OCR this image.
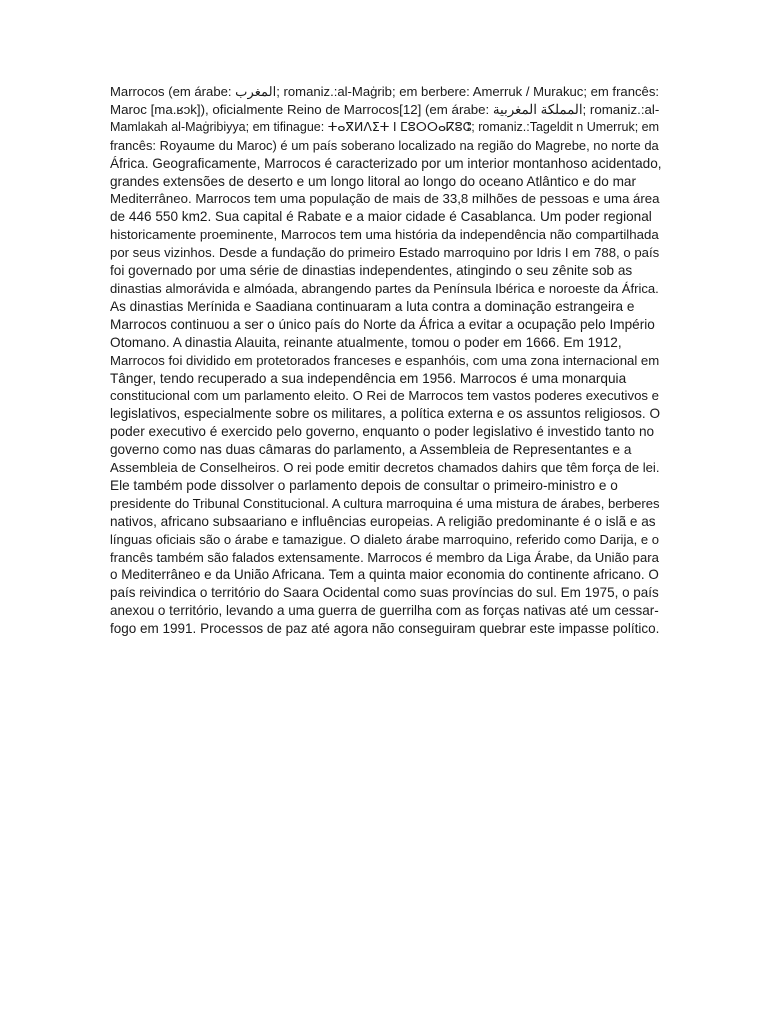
Marrocos (em árabe: المغرب; romaniz.:al-Maġrib; em berbere: Amerruk / Murakuc; em francês:
Maroc [ma.ʁɔk]), oficialmente Reino de Marrocos[12] (em árabe: المملكة المغربية; romaniz.:al-
Mamlakah al-Maġribiyya; em tifinague: ⵜⴰⴳⵍⴷⵉⵜ ⵏ ⵎⵓⵔⵔⴰⴽⵓⵛ; romaniz.:Tageldit n Umerruk; em
francês: Royaume du Maroc) é um país soberano localizado na região do Magrebe, no norte da
África. Geograficamente, Marrocos é caracterizado por um interior montanhoso acidentado,
grandes extensões de deserto e um longo litoral ao longo do oceano Atlântico e do mar
Mediterrâneo. Marrocos tem uma população de mais de 33,8 milhões de pessoas e uma área
de 446 550 km2. Sua capital é Rabate e a maior cidade é Casablanca. Um poder regional
historicamente proeminente, Marrocos tem uma história da independência não compartilhada
por seus vizinhos. Desde a fundação do primeiro Estado marroquino por Idris I em 788, o país
foi governado por uma série de dinastias independentes, atingindo o seu zênite sob as
dinastias almorávida e almóada, abrangendo partes da Península Ibérica e noroeste da África.
As dinastias Merínida e Saadiana continuaram a luta contra a dominação estrangeira e
Marrocos continuou a ser o único país do Norte da África a evitar a ocupação pelo Império
Otomano. A dinastia Alauita, reinante atualmente, tomou o poder em 1666. Em 1912,
Marrocos foi dividido em protetorados franceses e espanhóis, com uma zona internacional em
Tânger, tendo recuperado a sua independência em 1956. Marrocos é uma monarquia
constitucional com um parlamento eleito. O Rei de Marrocos tem vastos poderes executivos e
legislativos, especialmente sobre os militares, a política externa e os assuntos religiosos. O
poder executivo é exercido pelo governo, enquanto o poder legislativo é investido tanto no
governo como nas duas câmaras do parlamento, a Assembleia de Representantes e a
Assembleia de Conselheiros. O rei pode emitir decretos chamados dahirs que têm força de lei.
Ele também pode dissolver o parlamento depois de consultar o primeiro-ministro e o
presidente do Tribunal Constitucional. A cultura marroquina é uma mistura de árabes, berberes
nativos, africano subsaariano e influências europeias. A religião predominante é o islã e as
línguas oficiais são o árabe e tamazigue. O dialeto árabe marroquino, referido como Darija, e o
francês também são falados extensamente. Marrocos é membro da Liga Árabe, da União para
o Mediterrâneo e da União Africana. Tem a quinta maior economia do continente africano. O
país reivindica o território do Saara Ocidental como suas províncias do sul. Em 1975, o país
anexou o território, levando a uma guerra de guerrilha com as forças nativas até um cessar-
fogo em 1991. Processos de paz até agora não conseguiram quebrar este impasse político.
